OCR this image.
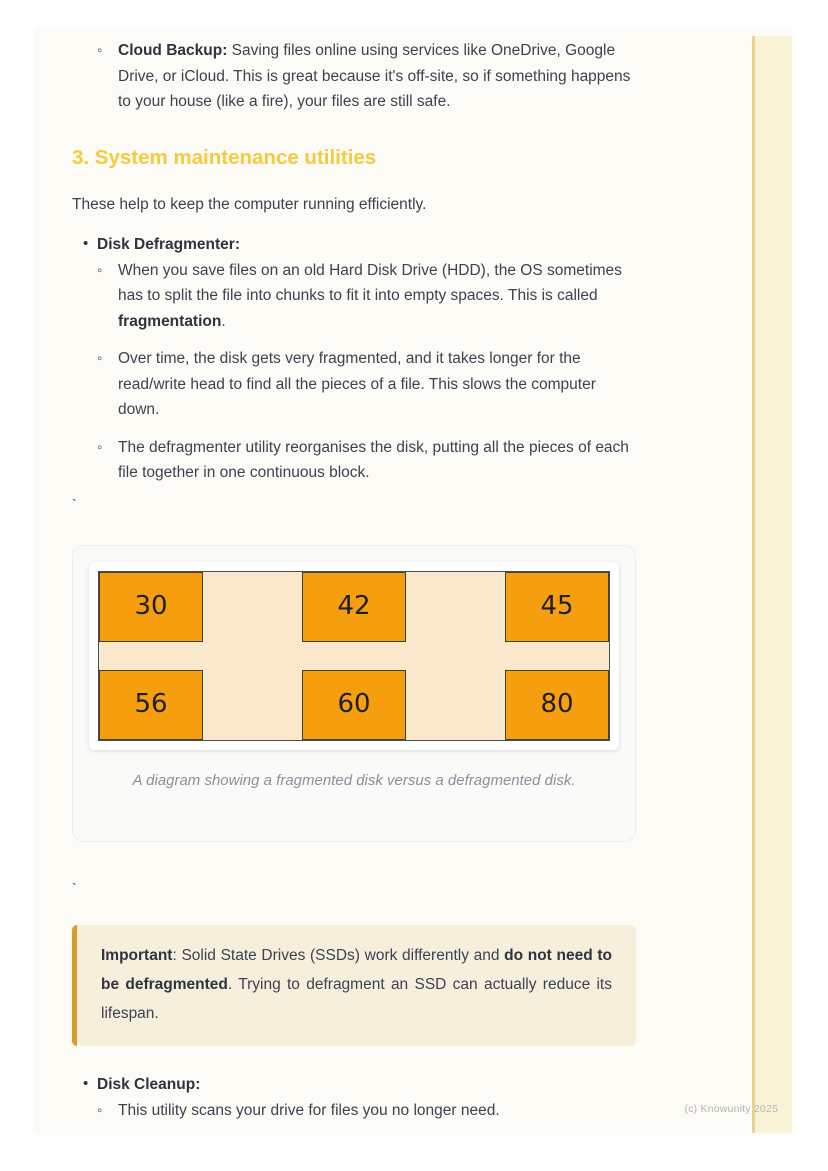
◦ Cloud Backup: Saving files online using services like OneDrive, Google Drive, or iCloud. This is great because it's off-site, so if something happens to your house (like a fire), your files are still safe.
3. System maintenance utilities

These help to keep the computer running efficiently.

• Disk Defragmenter:
◦ When you save files on an old Hard Disk Drive (HDD), the OS sometimes has to split the file into chunks to fit it into empty spaces. This is called fragmentation.
◦ Over time, the disk gets very fragmented, and it takes longer for the read/write head to find all the pieces of a file. This slows the computer down.
◦ The defragmenter utility reorganises the disk, putting all the pieces of each file together in one continuous block.
`
30	42	45
56	60	80
A diagram showing a fragmented disk versus a defragmented disk.
`

Important: Solid State Drives (SSDs) work differently and do not need to be defragmented. Trying to defragment an SSD can actually reduce its lifespan.

• Disk Cleanup:
◦ This utility scans your drive for files you no longer need.	(c) Knowunity 2025
